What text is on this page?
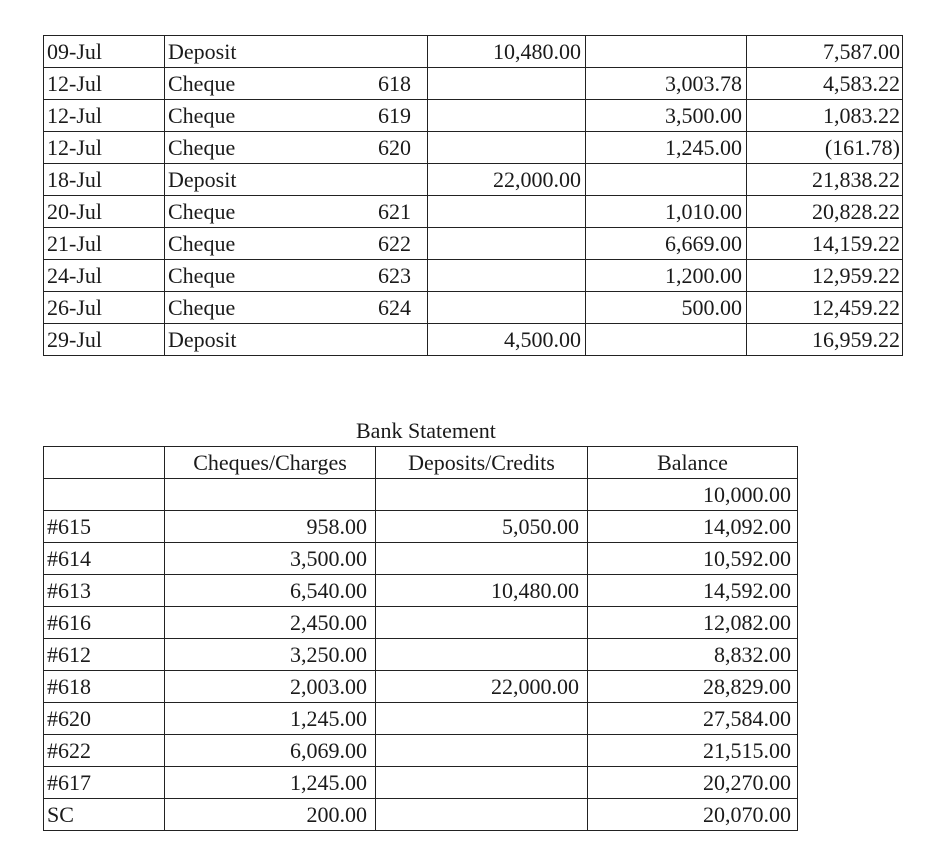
09-Jul	Deposit		10,480.00		7,587.00
12-Jul	Cheque	618		3,003.78	4,583.22
12-Jul	Cheque	619		3,500.00	1,083.22
12-Jul	Cheque	620		1,245.00	(161.78)
18-Jul	Deposit		22,000.00		21,838.22
20-Jul	Cheque	621		1,010.00	20,828.22
21-Jul	Cheque	622		6,669.00	14,159.22
24-Jul	Cheque	623		1,200.00	12,959.22
26-Jul	Cheque	624		500.00	12,459.22
29-Jul	Deposit		4,500.00		16,959.22
Bank Statement
	Cheques/Charges	Deposits/Credits	Balance
			10,000.00
#615	958.00	5,050.00	14,092.00
#614	3,500.00		10,592.00
#613	6,540.00	10,480.00	14,592.00
#616	2,450.00		12,082.00
#612	3,250.00		8,832.00
#618	2,003.00	22,000.00	28,829.00
#620	1,245.00		27,584.00
#622	6,069.00		21,515.00
#617	1,245.00		20,270.00
SC	200.00		20,070.00
